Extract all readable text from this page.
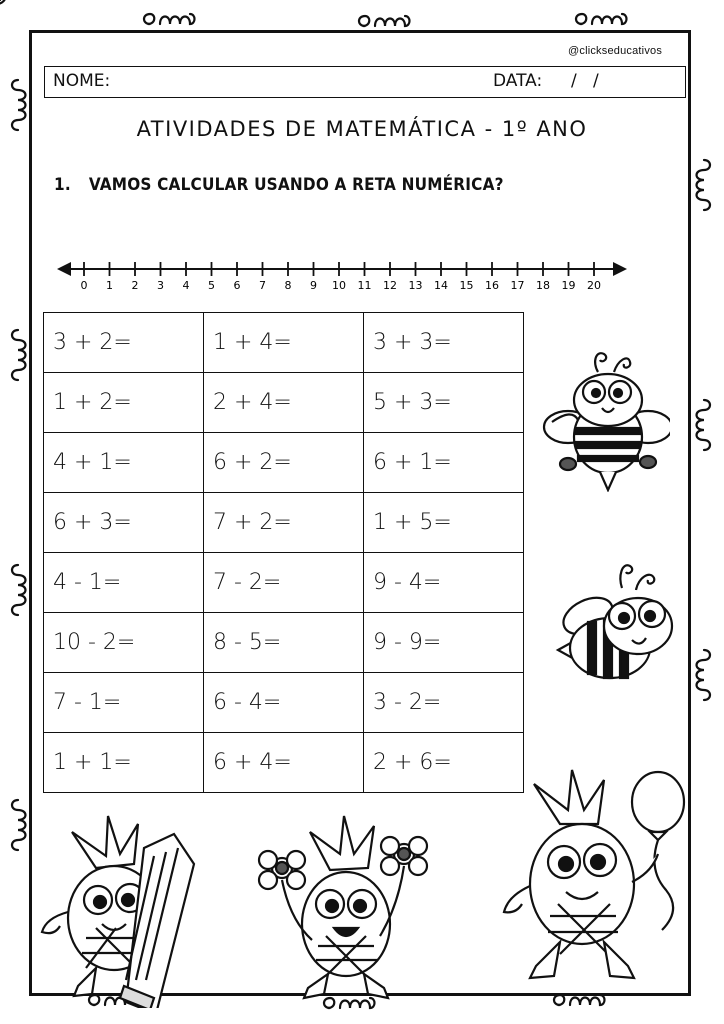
@clickseducativos
NOME:	DATA: /   /
ATIVIDADES DE MATEMÁTICA - 1º ANO
1. VAMOS CALCULAR USANDO A RETA NUMÉRICA?
0 1 2 3 4 5 6 7 8 9 10 11 12 13 14 15 16 17 18 19 20
3 + 2=	1 + 4=	3 + 3=
1 + 2=	2 + 4=	5 + 3=
4 + 1=	6 + 2=	6 + 1=
6 + 3=	7 + 2=	1 + 5=
4 - 1=	7 - 2=	9 - 4=
10 - 2=	8 - 5=	9 - 9=
7 - 1=	6 - 4=	3 - 2=
1 + 1=	6 + 4=	2 + 6=
